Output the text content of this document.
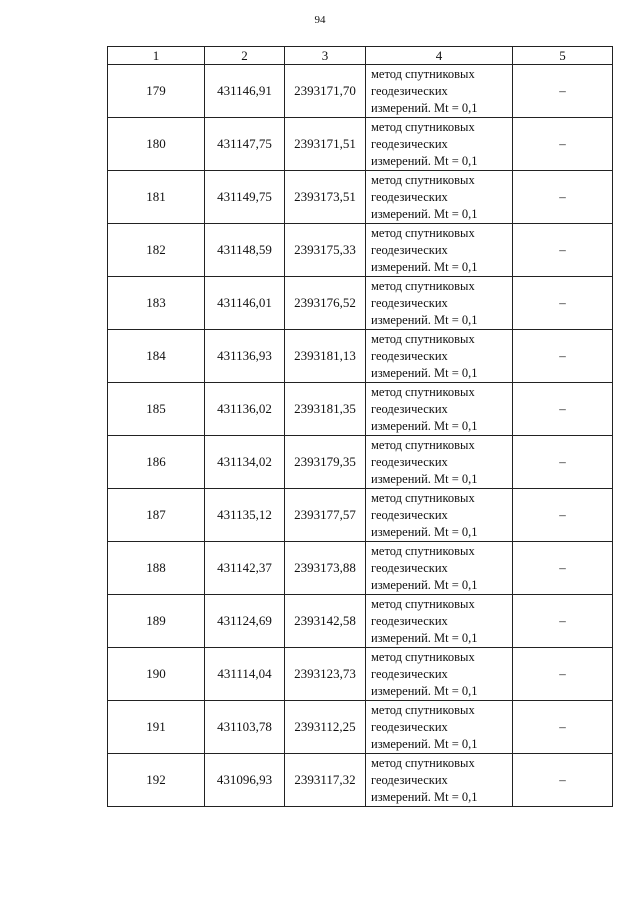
94
1	2	3	4	5
179	431146,91	2393171,70	метод спутниковых
геодезических
измерений. Mt = 0,1	–
180	431147,75	2393171,51	метод спутниковых
геодезических
измерений. Mt = 0,1	–
181	431149,75	2393173,51	метод спутниковых
геодезических
измерений. Mt = 0,1	–
182	431148,59	2393175,33	метод спутниковых
геодезических
измерений. Mt = 0,1	–
183	431146,01	2393176,52	метод спутниковых
геодезических
измерений. Mt = 0,1	–
184	431136,93	2393181,13	метод спутниковых
геодезических
измерений. Mt = 0,1	–
185	431136,02	2393181,35	метод спутниковых
геодезических
измерений. Mt = 0,1	–
186	431134,02	2393179,35	метод спутниковых
геодезических
измерений. Mt = 0,1	–
187	431135,12	2393177,57	метод спутниковых
геодезических
измерений. Mt = 0,1	–
188	431142,37	2393173,88	метод спутниковых
геодезических
измерений. Mt = 0,1	–
189	431124,69	2393142,58	метод спутниковых
геодезических
измерений. Mt = 0,1	–
190	431114,04	2393123,73	метод спутниковых
геодезических
измерений. Mt = 0,1	–
191	431103,78	2393112,25	метод спутниковых
геодезических
измерений. Mt = 0,1	–
192	431096,93	2393117,32	метод спутниковых
геодезических
измерений. Mt = 0,1	–
